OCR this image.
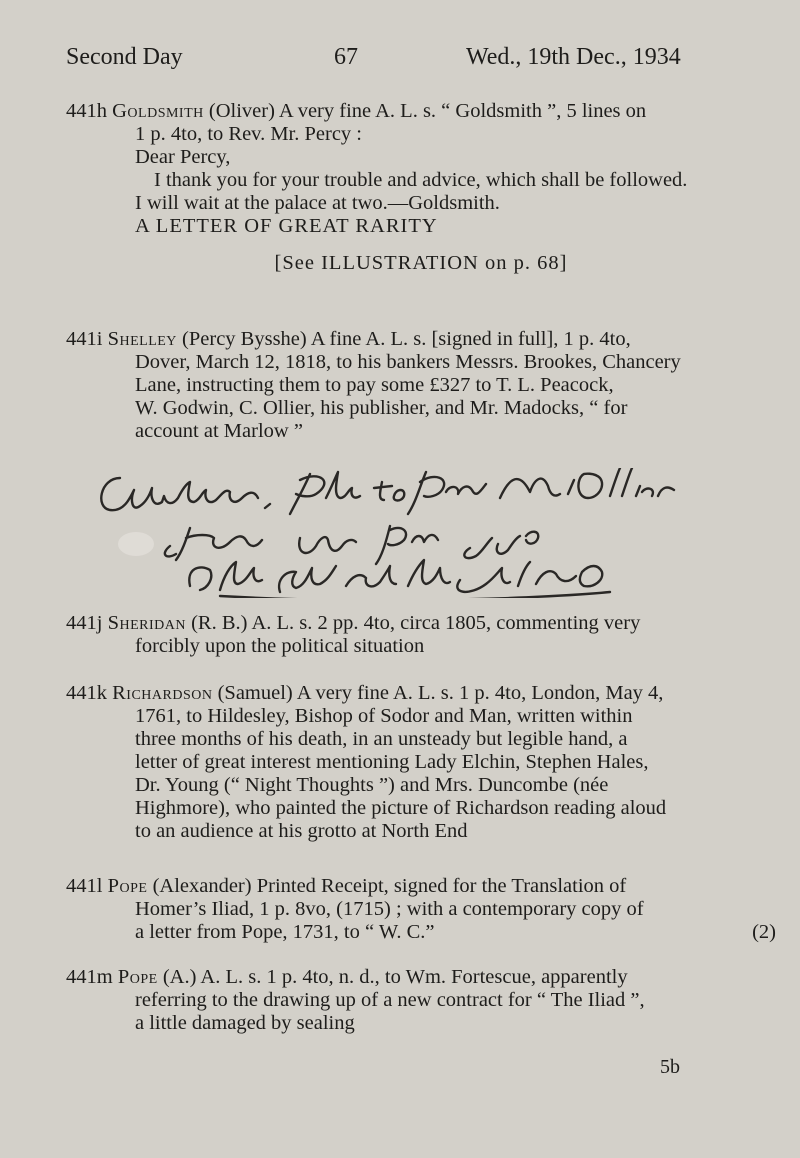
Second Day	67	Wed., 19th Dec., 1934
441h Goldsmith (Oliver) A very fine A. L. s. “ Goldsmith ”, 5 lines on
1 p. 4to, to Rev. Mr. Percy :
Dear Percy,
I thank you for your trouble and advice, which shall be followed.
I will wait at the palace at two.—Goldsmith.
A LETTER OF GREAT RARITY
[See ILLUSTRATION on p. 68]
441i Shelley (Percy Bysshe) A fine A. L. s. [signed in full], 1 p. 4to,
Dover, March 12, 1818, to his bankers Messrs. Brookes, Chancery
Lane, instructing them to pay some £327 to T. L. Peacock,
W. Godwin, C. Ollier, his publisher, and Mr. Madocks, “ for
account at Marlow ”
441j Sheridan (R. B.) A. L. s. 2 pp. 4to, circa 1805, commenting very
forcibly upon the political situation
441k Richardson (Samuel) A very fine A. L. s. 1 p. 4to, London, May 4,
1761, to Hildesley, Bishop of Sodor and Man, written within
three months of his death, in an unsteady but legible hand, a
letter of great interest mentioning Lady Elchin, Stephen Hales,
Dr. Young (“ Night Thoughts ”) and Mrs. Duncombe (née
Highmore), who painted the picture of Richardson reading aloud
to an audience at his grotto at North End
441l Pope (Alexander) Printed Receipt, signed for the Translation of
Homer’s Iliad, 1 p. 8vo, (1715) ; with a contemporary copy of
a letter from Pope, 1731, to “ W. C.”	(2)
441m Pope (A.) A. L. s. 1 p. 4to, n. d., to Wm. Fortescue, apparently
referring to the drawing up of a new contract for “ The Iliad ”,
a little damaged by sealing
5b
